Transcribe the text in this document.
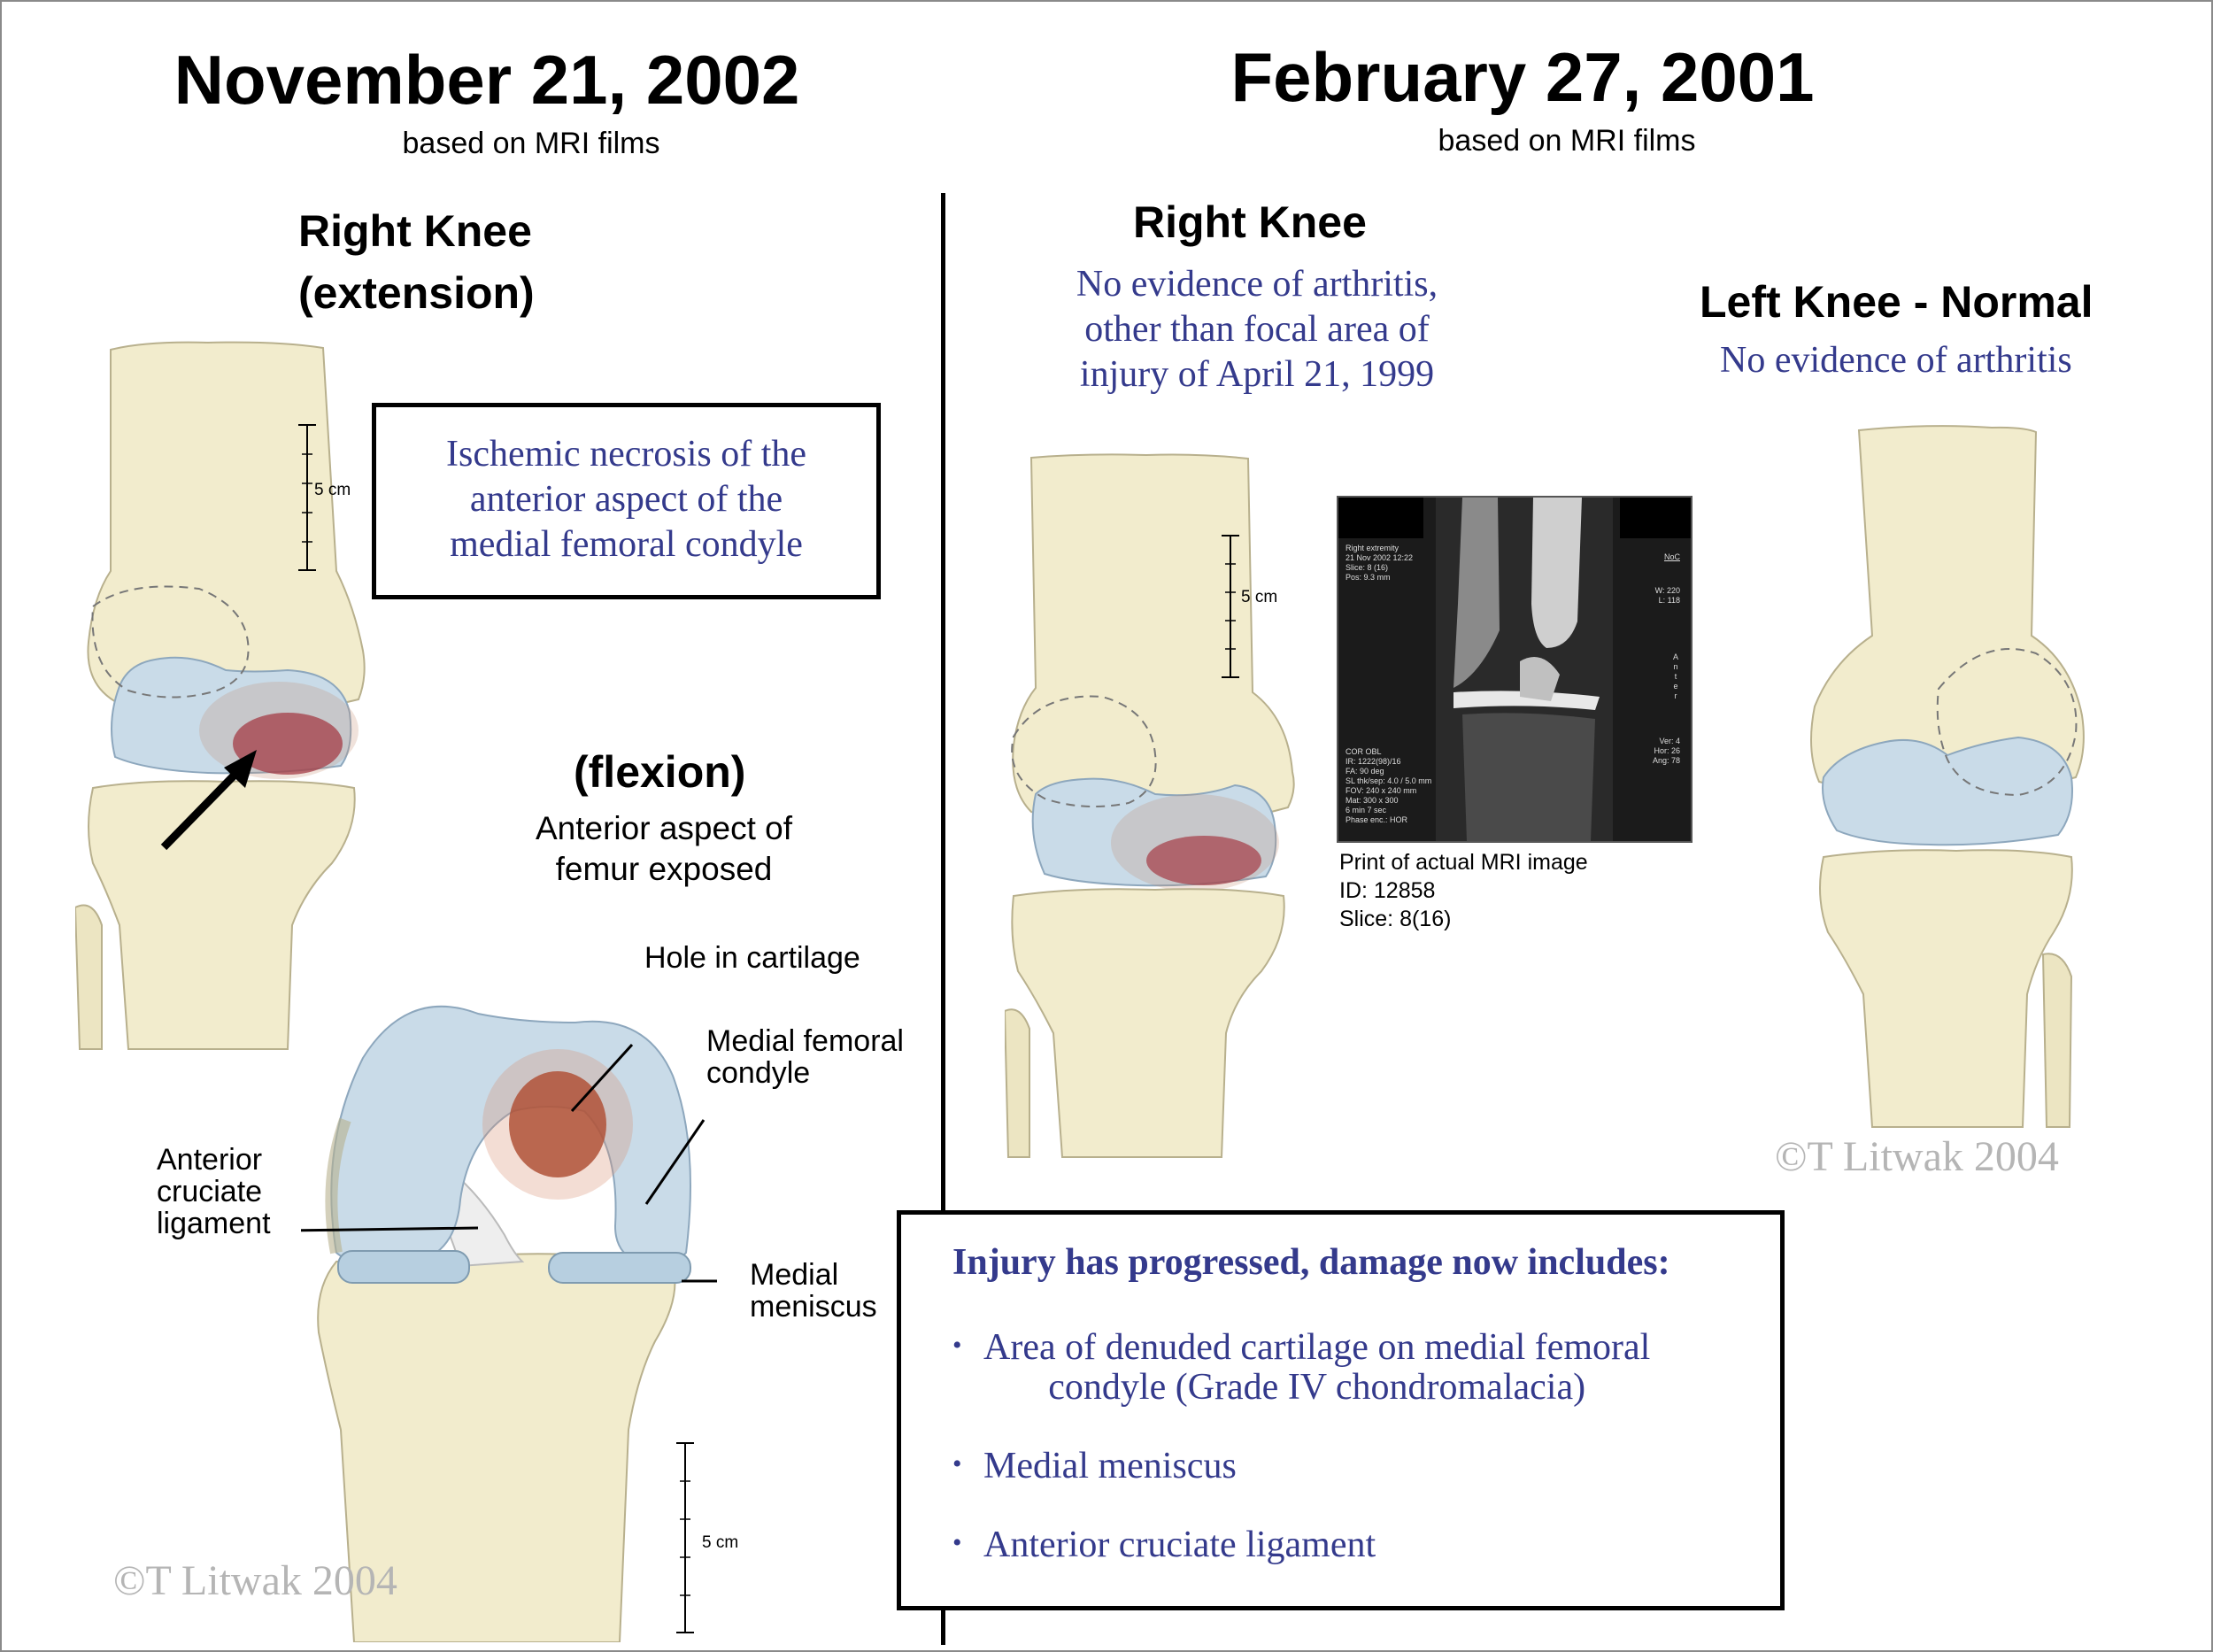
November 21, 2002
based on MRI films
Right Knee
(extension)
February 27, 2001
based on MRI films
5 cm
Ischemic necrosis of the
anterior aspect of the
medial femoral condyle
(flexion)
Anterior aspect of
femur exposed
Hole in cartilage
Medial femoral
condyle
Anterior
cruciate
ligament
Medial
meniscus
5 cm
©T Litwak 2004
Right Knee
No evidence of arthritis,
other than focal area of
injury of April 21, 1999
Left Knee - Normal
No evidence of arthritis
5 cm
Right extremity
21 Nov 2002 12:22
Slice: 8 (16)
Pos: 9.3 mm
NoC
W: 220
L: 118
A
n
t
e
r
COR OBL
IR: 1222(98)/16
FA: 90 deg
SL thk/sep: 4.0 / 5.0 mm
FOV: 240 x 240 mm
Mat: 300 x 300
6 min 7 sec
Phase enc.: HOR
Ver: 4
Hor: 26
Ang: 78
Print of actual MRI image
ID: 12858
Slice: 8(16)
©T Litwak 2004
Injury has progressed, damage now includes:
• Area of denuded cartilage on medial femoral
condyle (Grade IV chondromalacia)
• Medial meniscus
• Anterior cruciate ligament
